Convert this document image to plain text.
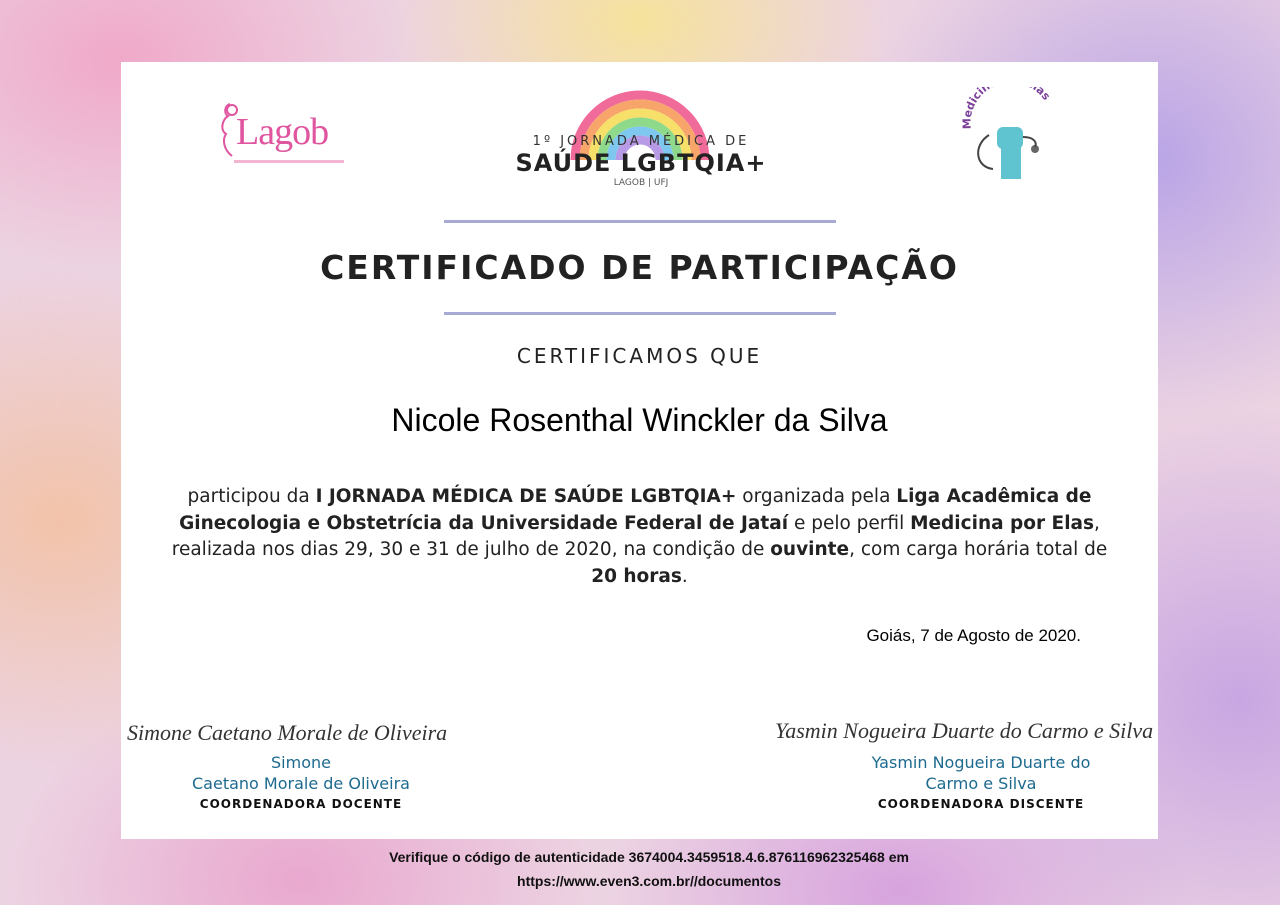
Lagob	1º JORNADA MÉDICA DE
SAÚDE LGBTQIA+
LAGOB | UFJ
Medicin as
CERTIFICADO DE PARTICIPAÇÃO
CERTIFICAMOS QUE
Nicole Rosenthal Winckler da Silva
participou da I JORNADA MÉDICA DE SAÚDE LGBTQIA+ organizada pela Liga Acadêmica de Ginecologia e Obstetrícia da Universidade Federal de Jataí e pelo perfil Medicina por Elas, realizada nos dias 29, 30 e 31 de julho de 2020, na condição de ouvinte, com carga horária total de 20 horas.
Goiás, 7 de Agosto de 2020.
Simone Caetano Morale de Oliveira
Simone
Caetano Morale de Oliveira
COORDENADORA DOCENTE
Yasmin Nogueira Duarte do Carmo e Silva
Yasmin Nogueira Duarte do
Carmo e Silva
COORDENADORA DISCENTE
Verifique o código de autenticidade 3674004.3459518.4.6.876116962325468 em
https://www.even3.com.br//documentos
